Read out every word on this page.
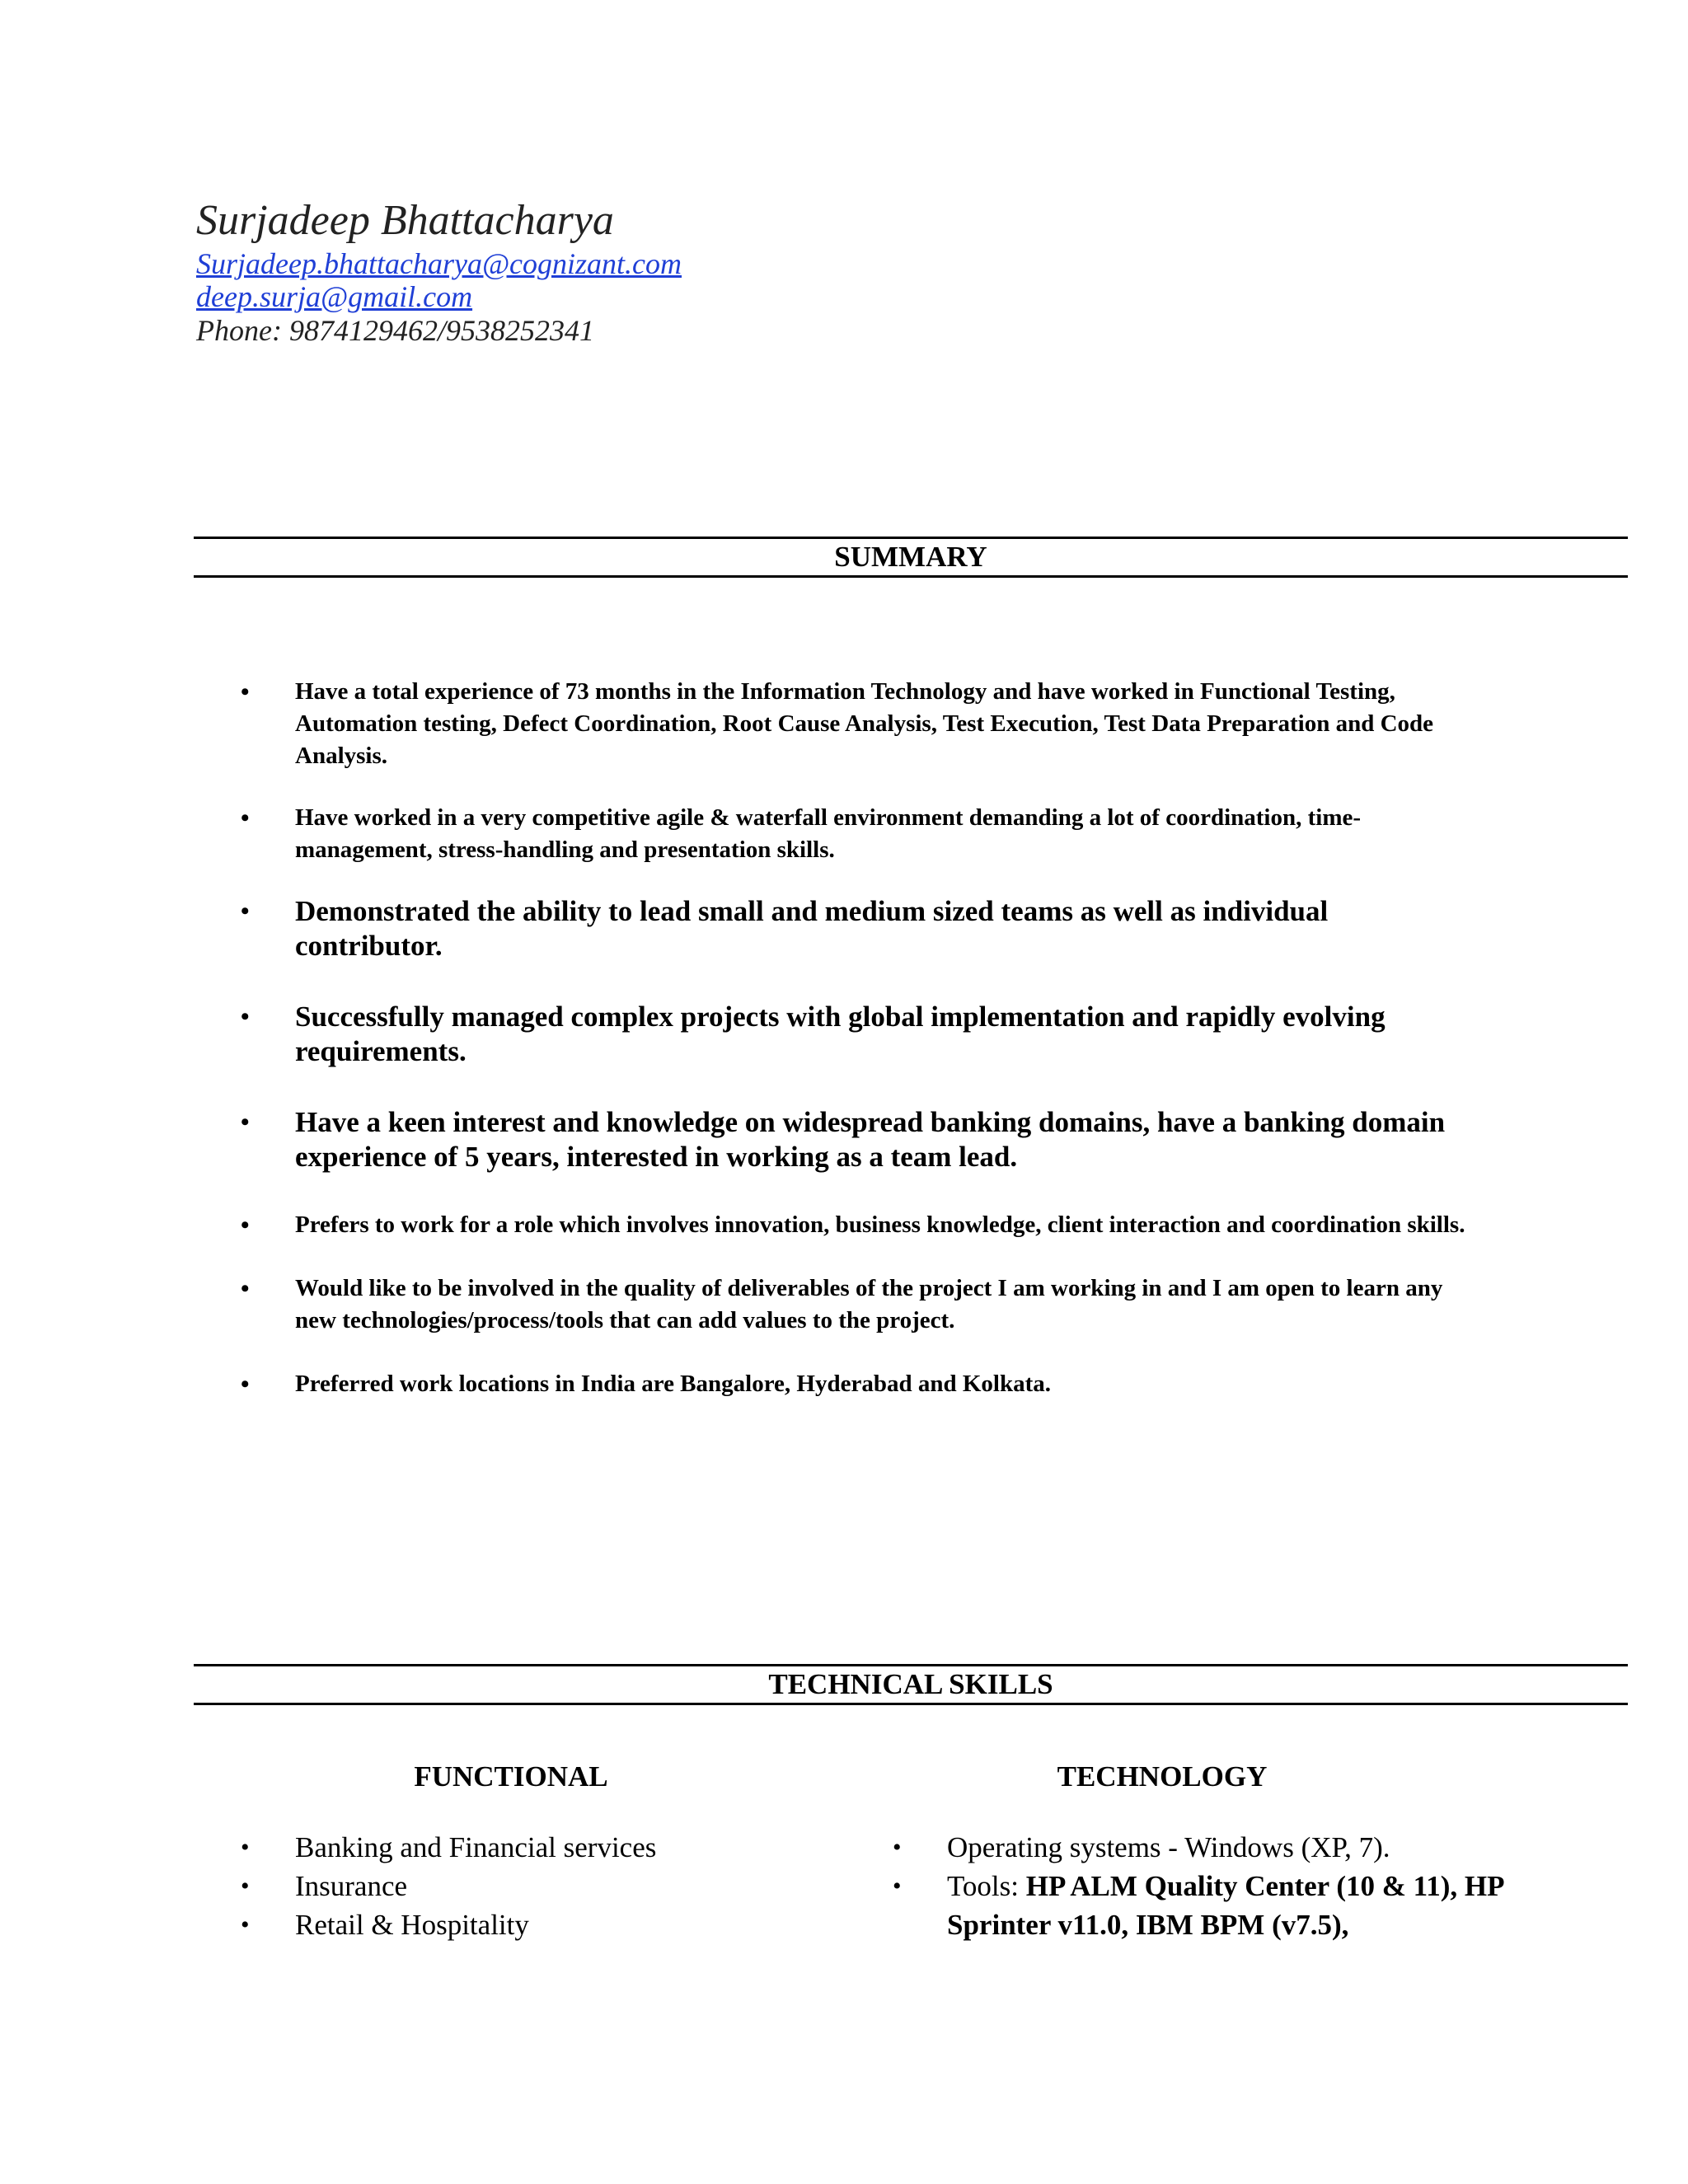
Surjadeep Bhattacharya
Surjadeep.bhattacharya@cognizant.com
deep.surja@gmail.com
Phone: 9874129462/9538252341
SUMMARY
• Have a total experience of 73 months in the Information Technology and have worked in Functional Testing, Automation testing, Defect Coordination, Root Cause Analysis, Test Execution, Test Data Preparation and Code Analysis.
• Have worked in a very competitive agile & waterfall environment demanding a lot of coordination, time-management, stress-handling and presentation skills.
• Demonstrated the ability to lead small and medium sized teams as well as individual contributor.
• Successfully managed complex projects with global implementation and rapidly evolving requirements.
• Have a keen interest and knowledge on widespread banking domains, have a banking domain experience of 5 years, interested in working as a team lead.
• Prefers to work for a role which involves innovation, business knowledge, client interaction and coordination skills.
• Would like to be involved in the quality of deliverables of the project I am working in and I am open to learn any new technologies/process/tools that can add values to the project.
• Preferred work locations in India are Bangalore, Hyderabad and Kolkata.
TECHNICAL SKILLS
FUNCTIONAL	TECHNOLOGY
• Banking and Financial services
• Insurance
• Retail & Hospitality
• Operating systems - Windows (XP, 7).
• Tools: HP ALM Quality Center (10 & 11), HP Sprinter v11.0, IBM BPM (v7.5),
